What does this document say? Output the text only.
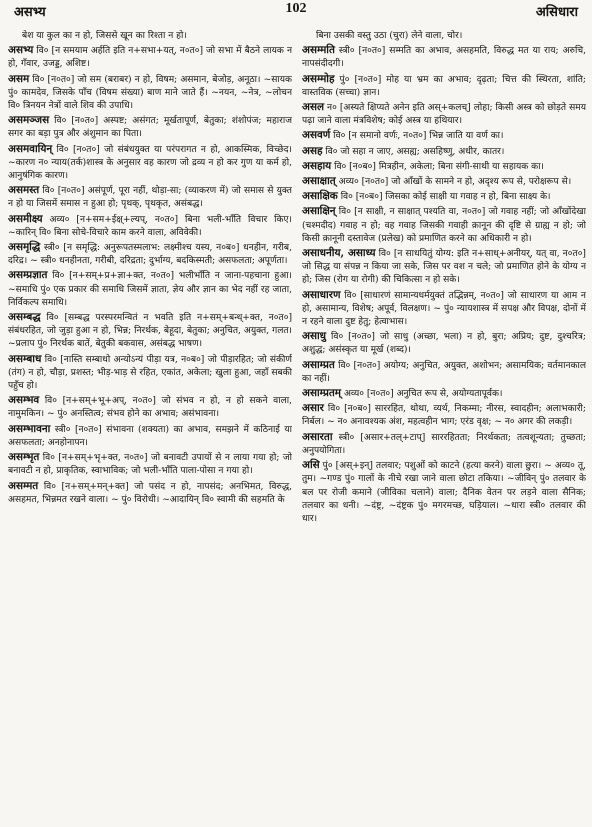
असभ्य	102	असिधारा
बेश या कुल का न हो, जिससे खून का रिश्ता न हो।
असभ्य वि० [न समयाम अर्हति इति न+सभा+यत्, न०त०] जो सभा में बैठने लायक न हो, गँवार, उजड्ड, अशिष्ट।
असम वि० [न०त०] जो सम (बराबर) न हो, विषम; असमान, बेजोड़, अनूठा। ~सायक पुं० कामदेव, जिसके पाँच (विषम संख्या) बाण माने जाते हैं। ~नयन, ~नेत्र, ~लोचन वि० त्रिनयन नेत्रों वाले शिव की उपाधि।
असमञ्जस वि० [न०त०] अस्पष्ट; असंगत; मूर्खतापूर्ण, बेतुका; शंशोपंज; महाराज सगर का बड़ा पुत्र और अंशुमान का पिता।
असमवायिन् वि० [न०त०] जो संबंधयुक्त या परंपरागत न हो, आकस्मिक, विच्छेद। ~कारण न० न्याय(तर्क)शास्त्र के अनुसार वह कारण जो द्रव्य न हो कर गुण या कर्म हो, आनुषंगिक कारण।
असमस्त वि० [न०त०] असंपूर्ण, पूरा नहीं, थोड़ा-सा; (व्याकरण में) जो समास से युक्त न हो या जिसमें समास न हुआ हो; पृथक्, पृथकृत, असंबद्ध।
असमीक्ष्य अव्य० [न+सम+ईक्ष्+ल्यप्, न०त०] बिना भली-भाँति विचार किए। ~कारिन् वि० बिना सोचे-विचारे काम करने वाला, अविवेकी।
असमृद्धि स्त्री० [न समृद्धि: अनुरूपतस्मलाभ: लक्ष्मीश्च यस्य, न०ब०] धनहीन, गरीब, दरिद्र। ~ स्त्री० धनहीनता, गरीबी, दरिद्रता; दुर्भाग्य, बदकिस्मती; असफलता; अपूर्णता।
असम्प्रज्ञात वि० [न+सम्+प्र+ज्ञा+क्त, न०त०] भलीभाँति न जाना-पहचाना हुआ। ~समाधि पुं० एक प्रकार की समाधि जिसमें ज्ञाता, ज्ञेय और ज्ञान का भेद नहीं रह जाता, निर्विकल्प समाधि।
असम्बद्ध वि० [सम्बद्ध परस्परमन्वितं न भवति इति न+सम्+बन्ध्+क्त, न०त०] संबंधरहित, जो जुड़ा हुआ न हो, भिन्न; निरर्थक, बेहूदा, बेतुका; अनुचित, अयुक्त, गलत। ~प्रलाप पुं० निरर्थक बातें, बेतुकी बकवास, असंबद्ध भाषण।
असम्बाध वि० [नास्ति सम्बाधो अन्योऽन्यं पीड़ा यत्र, न०ब०] जो पीड़ारहित; जो संकीर्ण (तंग) न हो, चौड़ा, प्रशस्त; भीड़-भाड़ से रहित, एकांत, अकेला; खुला हुआ, जहाँ सबकी पहुँच हो।
असम्भव वि० [न+सम्+भू+अप्, न०त०] जो संभव न हो, न हो सकने वाला, नामुमकिन। ~ पुं० अनस्तित्व; संभव होने का अभाव; असंभावना।
असम्भावना स्त्री० [न०त०] संभावना (शक्यता) का अभाव, समझने में कठिनाई या असफलता; अनहोनापन।
असम्भृत वि० [न+सम्+भृ+क्त, न०त०] जो बनावटी उपायों से न लाया गया हो; जो बनावटी न हो, प्राकृतिक, स्वाभाविक; जो भली-भाँति पाला-पोसा न गया हो।
असम्मत वि० [न+सम्+मन्+क्त] जो पसंद न हो, नापसंद; अनभिमत, विरुद्ध, असहमत, भिन्नमत रखने वाला। ~ पुं० विरोधी। ~आदायिन् वि० स्वामी की सहमति के
बिना उसकी वस्तु उठा (चुरा) लेने वाला, चोर।
असम्मति स्त्री० [न०त०] सम्मति का अभाव, असहमति, विरुद्ध मत या राय; अरुचि, नापसंदीदगी।
असम्मोह पुं० [न०त०] मोह या भ्रम का अभाव; दृढ़ता; चित्त की स्थिरता, शांति; वास्तविक (सच्चा) ज्ञान।
असल न० [अस्यते क्षिप्यते अनेन इति अस्+कलच्] लोहा; किसी अस्त्र को छोड़ते समय पढ़ा जाने वाला मंत्रविशेष; कोई अस्त्र या हथियार।
असवर्ण वि० [न समानो वर्णः, न०त०] भिन्न जाति या वर्ण का।
असह वि० जो सहा न जाए, असह्य; असहिष्णु, अधीर, कातर।
असहाय वि० [न०ब०] मित्रहीन, अकेला; बिना संगी-साथी या सहायक का।
असाक्षात् अव्य० [न०त०] जो आँखों के सामने न हो, अदृश्य रूप से, परोक्षरूप से।
असाक्षिक वि० [न०ब०] जिसका कोई साक्षी या गवाह न हो, बिना साक्ष्य के।
असाक्षिन् वि० [न साक्षी, न साक्षात् पश्यति वा, न०त०] जो गवाह नहीं; जो आँखोंदेखा (चश्मदीद) गवाह न हो; वह गवाह जिसकी गवाही क़ानून की दृष्टि से ग्राह्य न हो; जो किसी क़ानूनी दस्तावेज (प्रलेख) को प्रमाणित करने का अधिकारी न हो।
असाधनीय, असाध्य वि० [न साधयितुं योग्य: इति न+साध्+अनीयर्, यत् वा, न०त०] जो सिद्ध या संपन्न न किया जा सके, जिस पर वश न चले; जो प्रमाणित होने के योग्य न हो; जिस (रोग या रोगी) की चिकित्सा न हो सके।
असाधारण वि० [साधारणं सामान्यधर्मयुक्तं तद्भिन्नम्, न०त०] जो साधारण या आम न हो, असामान्य, विशेष; अपूर्व, विलक्षण। ~ पुं० न्यायशास्त्र में सपक्ष और विपक्ष, दोनों में न रहने वाला दुष्ट हेतु; हेत्वाभास।
असाधु वि० [न०त०] जो साधु (अच्छा, भला) न हो, बुरा; अप्रिय; दुष्ट, दुश्चरित्र; अशुद्ध; असंस्कृत या मूर्ख (शब्द)।
असाम्प्रत वि० [न०त०] अयोग्य; अनुचित, अयुक्त, अशोभन; असामयिक; वर्तमानकाल का नहीं।
असाम्प्रतम् अव्य० [न०त०] अनुचित रूप से, अयोग्यतापूर्वक।
असार वि० [न०ब०] साररहित, थोथा, व्यर्थ, निकम्मा; नीरस, स्वादहीन; अलाभकारी; निर्बल। ~ न० अनावश्यक अंश, महत्वहीन भाग; एरंड वृक्ष; ~ न० अगर की लकड़ी।
असारता स्त्री० [असार+तल्+टाप्] साररहितता; निरर्थकता; तत्वशून्यता; तुच्छता; अनुपयोगिता।
असि पुं० [अस्+इन्] तलवार; पशुओं को काटने (हत्या करने) वाला छुरा। ~ अव्य० तू, तुम। ~गण्ड पुं० गालों के नीचे रखा जाने वाला छोटा तकिया। ~जीविन् पुं० तलवार के बल पर रोजी कमाने (जीविका चलाने) वाला; दैनिक वेतन पर लड़ने वाला सैनिक; तलवार का धनी। ~दंष्ट्र, ~दंष्ट्रक पुं० मगरमच्छ, घड़ियाल। ~धारा स्त्री० तलवार की धार।
